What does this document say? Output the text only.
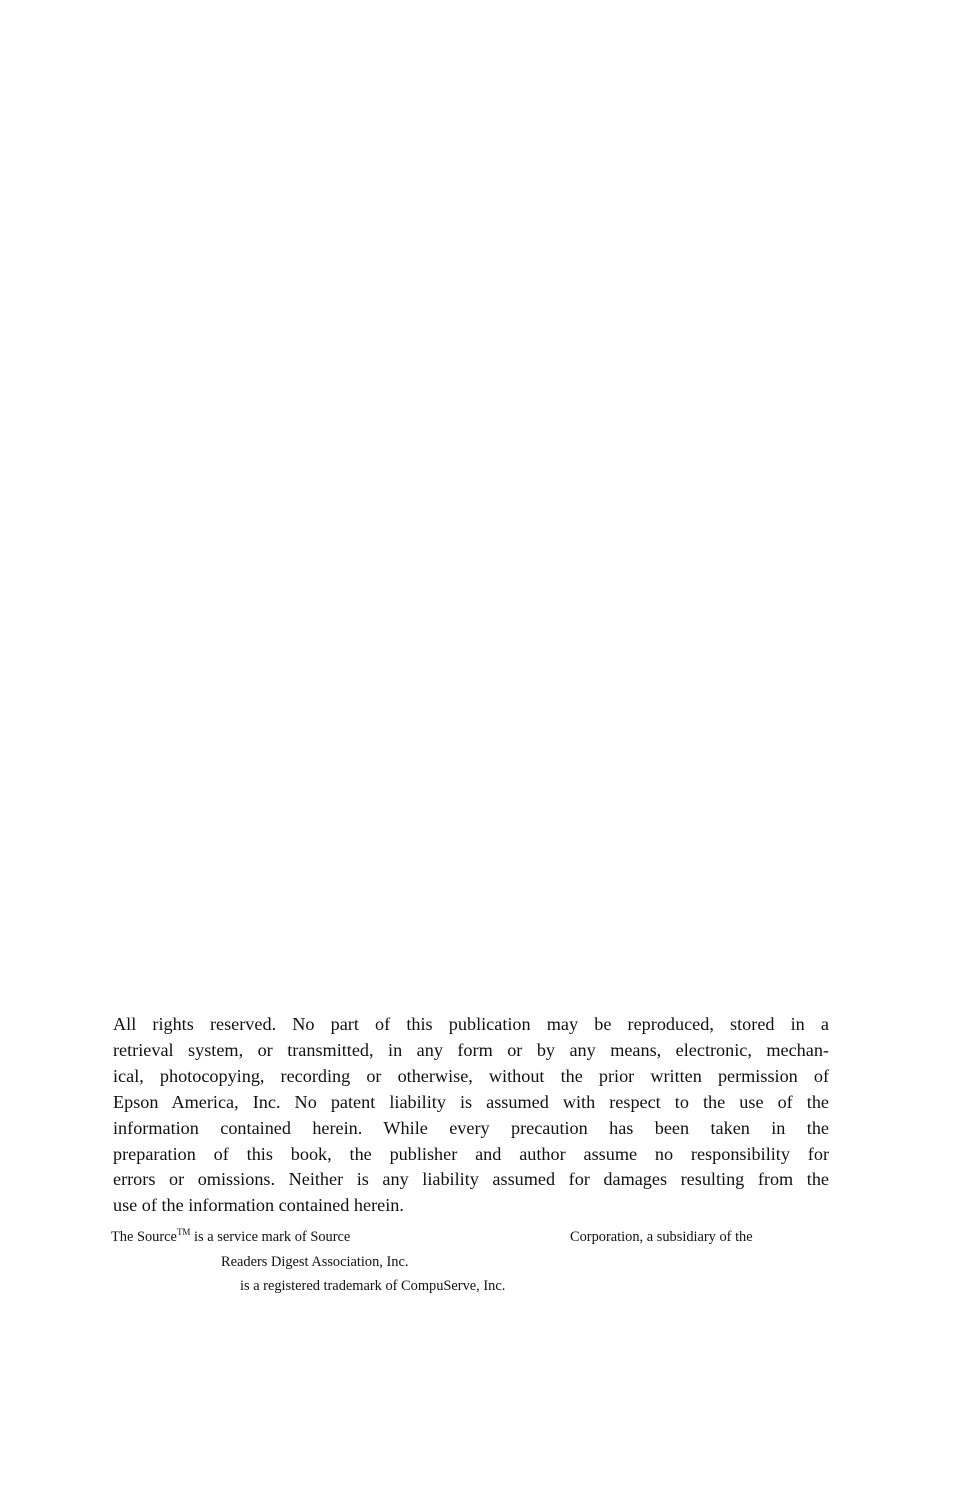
All rights reserved. No part of this publication may be reproduced, stored in a
retrieval system, or transmitted, in any form or by any means, electronic, mechan-
ical, photocopying, recording or otherwise, without the prior written permission of
Epson America, Inc. No patent liability is assumed with respect to the use of the
information contained herein. While every precaution has been taken in the
preparation of this book, the publisher and author assume no responsibility for
errors or omissions. Neither is any liability assumed for damages resulting from the
use of the information contained herein.
The Source™ is a service mark of Source	Corporation, a subsidiary of the
Readers Digest Association, Inc.
is a registered trademark of CompuServe, Inc.
